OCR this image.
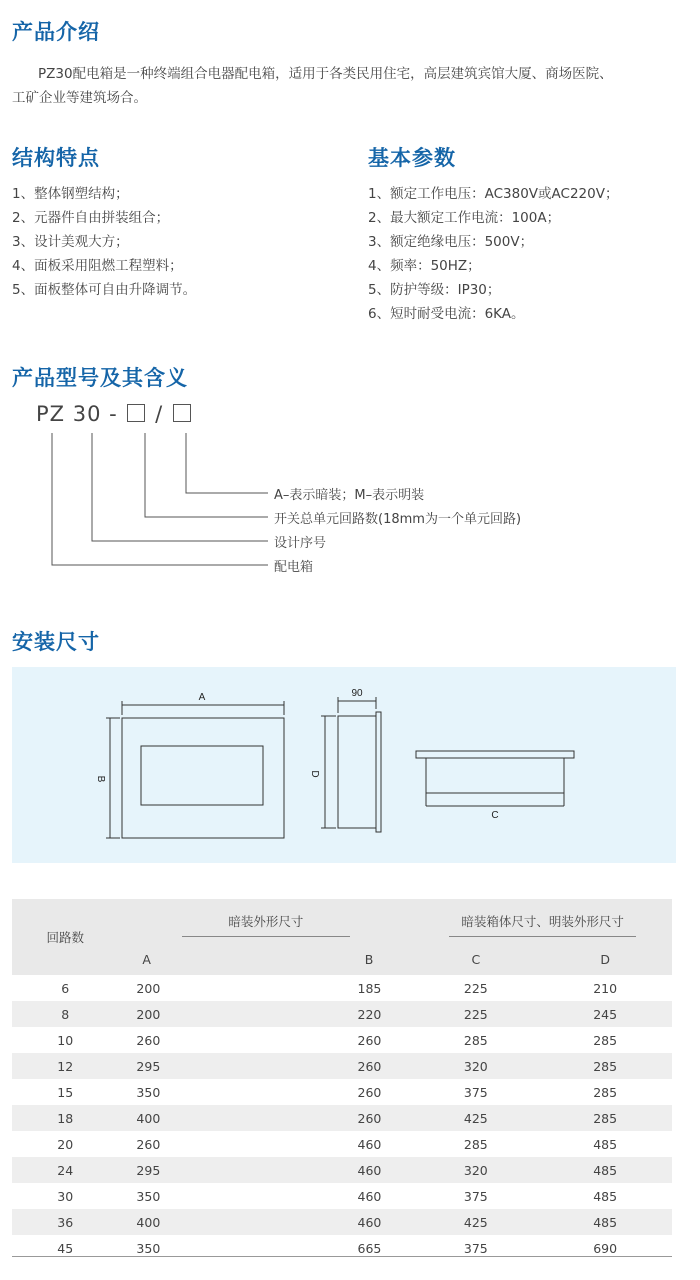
产品介绍
PZ30配电箱是一种终端组合电器配电箱，适用于各类民用住宅，高层建筑宾馆大厦、商场医院、
工矿企业等建筑场合。
结构特点
1、整体钢塑结构；
2、元器件自由拼装组合；
3、设计美观大方；
4、面板采用阻燃工程塑料；
5、面板整体可自由升降调节。
基本参数
1、额定工作电压：AC380V或AC220V；
2、最大额定工作电流：100A；
3、额定绝缘电压：500V；
4、频率：50HZ；
5、防护等级：IP30；
6、短时耐受电流：6KA。
产品型号及其含义
PZ 30 - /
A–表示暗装；M–表示明装
开关总单元回路数(18mm为一个单元回路)
设计序号
配电箱
安装尺寸
A
B
90
D
C
回路数	暗装外形尺寸		暗装箱体尺寸、明装外形尺寸	
	A	B	C	D
6	200	185	225	210
8	200	220	225	245
10	260	260	285	285
12	295	260	320	285
15	350	260	375	285
18	400	260	425	285
20	260	460	285	485
24	295	460	320	485
30	350	460	375	485
36	400	460	425	485
45	350	665	375	690
